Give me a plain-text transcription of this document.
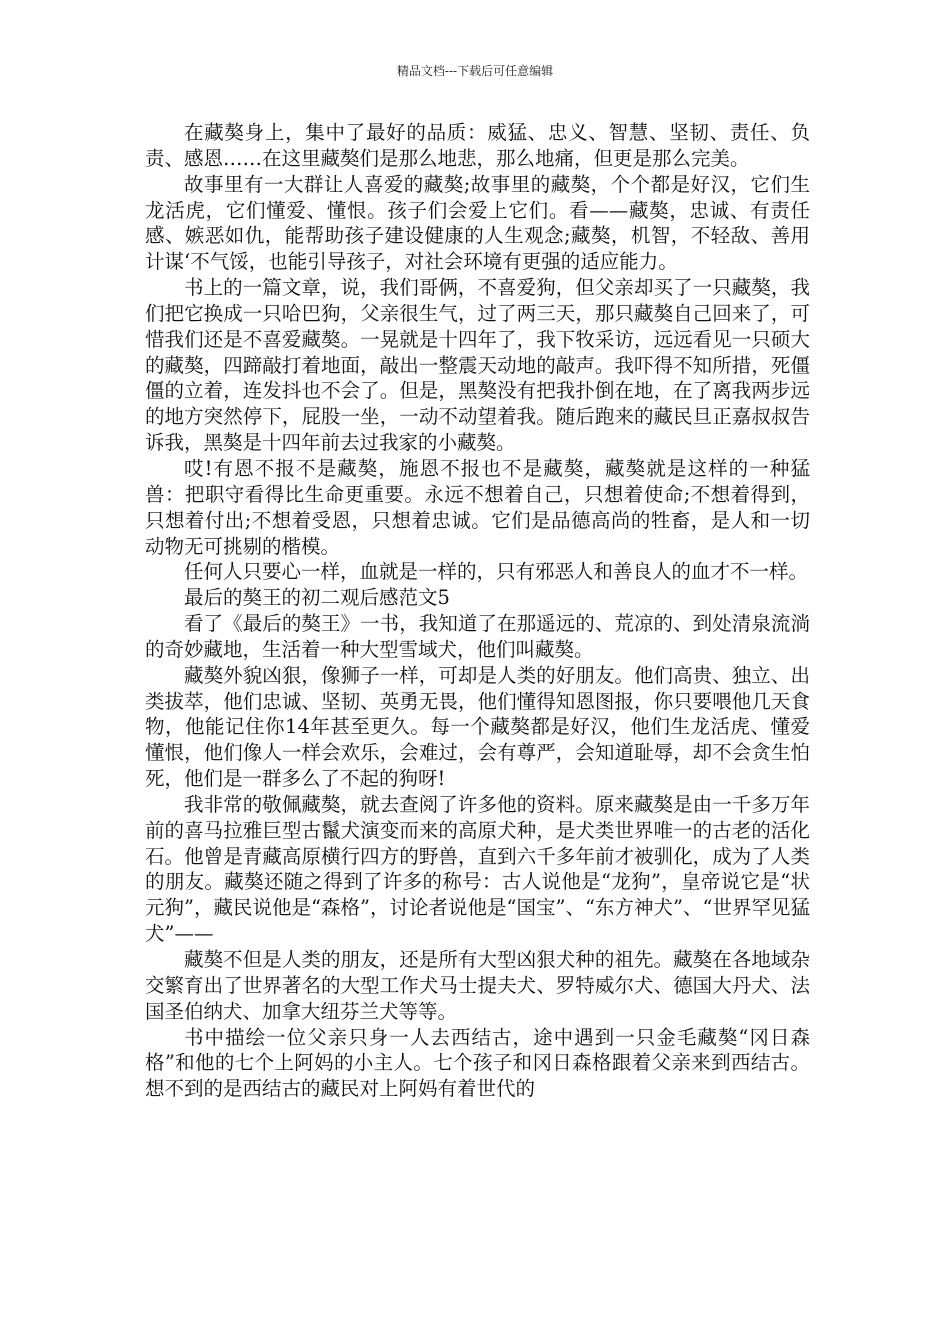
精品文档---下载后可任意编辑

在藏獒身上，集中了最好的品质：威猛、忠义、智慧、坚韧、责任、负责、感恩……在这里藏獒们是那么地悲，那么地痛，但更是那么完美。

故事里有一大群让人喜爱的藏獒;故事里的藏獒，个个都是好汉，它们生龙活虎，它们懂爱、懂恨。孩子们会爱上它们。看——藏獒，忠诚、有责任感、嫉恶如仇，能帮助孩子建设健康的人生观念;藏獒，机智，不轻敌、善用计谋‘不气馁，也能引导孩子，对社会环境有更强的适应能力。

书上的一篇文章，说，我们哥俩，不喜爱狗，但父亲却买了一只藏獒，我们把它换成一只哈巴狗，父亲很生气，过了两三天，那只藏獒自己回来了，可惜我们还是不喜爱藏獒。一晃就是十四年了，我下牧采访，远远看见一只硕大的藏獒，四蹄敲打着地面，敲出一整震天动地的敲声。我吓得不知所措，死僵僵的立着，连发抖也不会了。但是，黑獒没有把我扑倒在地，在了离我两步远的地方突然停下，屁股一坐，一动不动望着我。随后跑来的藏民旦正嘉叔叔告诉我，黑獒是十四年前去过我家的小藏獒。

哎!有恩不报不是藏獒，施恩不报也不是藏獒，藏獒就是这样的一种猛兽：把职守看得比生命更重要。永远不想着自己，只想着使命;不想着得到，只想着付出;不想着受恩，只想着忠诚。它们是品德高尚的牲畜，是人和一切动物无可挑剔的楷模。

任何人只要心一样，血就是一样的，只有邪恶人和善良人的血才不一样。

最后的獒王的初二观后感范文5

看了《最后的獒王》一书，我知道了在那遥远的、荒凉的、到处清泉流淌的奇妙藏地，生活着一种大型雪域犬，他们叫藏獒。

藏獒外貌凶狠，像狮子一样，可却是人类的好朋友。他们高贵、独立、出类拔萃，他们忠诚、坚韧、英勇无畏，他们懂得知恩图报，你只要喂他几天食物，他能记住你14年甚至更久。每一个藏獒都是好汉，他们生龙活虎、懂爱懂恨，他们像人一样会欢乐，会难过，会有尊严，会知道耻辱，却不会贪生怕死，他们是一群多么了不起的狗呀!

我非常的敬佩藏獒，就去查阅了许多他的资料。原来藏獒是由一千多万年前的喜马拉雅巨型古鬣犬演变而来的高原犬种，是犬类世界唯一的古老的活化石。他曾是青藏高原横行四方的野兽，直到六千多年前才被驯化，成为了人类的朋友。藏獒还随之得到了许多的称号：古人说他是“龙狗”，皇帝说它是“状元狗”，藏民说他是“森格”，讨论者说他是“国宝”、“东方神犬”、“世界罕见猛犬”——

藏獒不但是人类的朋友，还是所有大型凶狠犬种的祖先。藏獒在各地域杂交繁育出了世界著名的大型工作犬马士提夫犬、罗特威尔犬、德国大丹犬、法国圣伯纳犬、加拿大纽芬兰犬等等。

书中描绘一位父亲只身一人去西结古，途中遇到一只金毛藏獒“冈日森格”和他的七个上阿妈的小主人。七个孩子和冈日森格跟着父亲来到西结古。想不到的是西结古的藏民对上阿妈有着世代的
